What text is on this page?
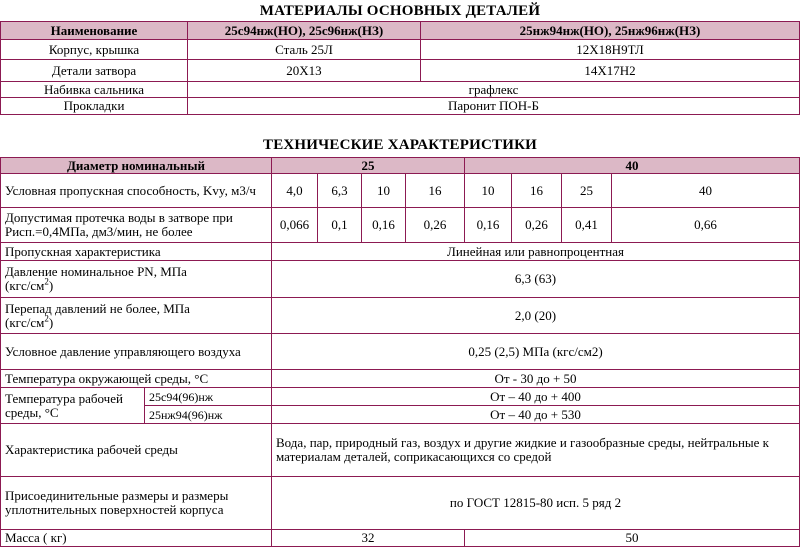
МАТЕРИАЛЫ ОСНОВНЫХ ДЕТАЛЕЙ
Наименование	25с94нж(НО), 25с96нж(НЗ)	25нж94нж(НО), 25нж96нж(НЗ)
Корпус, крышка	Сталь 25Л	12Х18Н9ТЛ
Детали затвора	20Х13	14Х17Н2
Набивка сальника	графлекс	
Прокладки	Паронит ПОН-Б	
ТЕХНИЧЕСКИЕ ХАРАКТЕРИСТИКИ
Диаметр номинальный		25				40			
Условная пропускная способность, Kvy, м3/ч		4,0	6,3	10	16	10	16	25	40
Допустимая протечка воды в затворе при Рисп.=0,4МПа, дм3/мин, не более		0,066	0,1	0,16	0,26	0,16	0,26	0,41	0,66
Пропускная характеристика		Линейная или равнопроцентная							
Давление номинальное PN, МПа
$(кгс/см^2)$		6,3 (63)							
Перепад давлений не более, МПа
$(кгс/см^2)$		2,0 (20)							
Условное давление управляющего воздуха		0,25 (2,5) МПа (кгс/см2)							
Температура окружающей среды, °С		От - 30 до + 50							
Температура рабочей среды, °С	25с94(96)нж	От – 40 до + 400							
	25нж94(96)нж	От – 40 до + 530							
Характеристика рабочей среды		Вода, пар, природный газ, воздух и другие жидкие и газообразные среды, нейтральные к материалам деталей, соприкасающихся со средой							
Присоединительные размеры и размеры уплотнительных поверхностей корпуса		по ГОСТ 12815-80 исп. 5 ряд 2							
Масса ( кг)		32				50			
